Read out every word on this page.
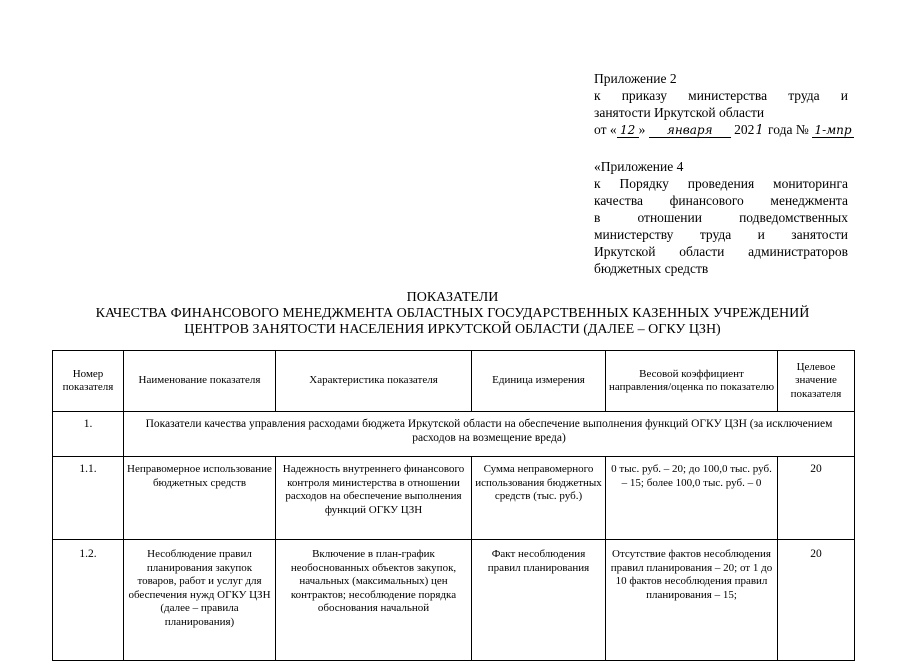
Приложение 2
к приказу министерства труда и
занятости Иркутской области
от « 12 » января 2021 года № 1-мпр
«Приложение 4
к Порядку проведения мониторинга
качества финансового менеджмента
в отношении подведомственных
министерству труда и занятости
Иркутской области администраторов
бюджетных средств
ПОКАЗАТЕЛИ
КАЧЕСТВА ФИНАНСОВОГО МЕНЕДЖМЕНТА ОБЛАСТНЫХ ГОСУДАРСТВЕННЫХ КАЗЕННЫХ УЧРЕЖДЕНИЙ
ЦЕНТРОВ ЗАНЯТОСТИ НАСЕЛЕНИЯ ИРКУТСКОЙ ОБЛАСТИ (ДАЛЕЕ – ОГКУ ЦЗН)
Номер показателя	Наименование показателя	Характеристика показателя	Единица измерения	Весовой коэффициент направления/оценка по показателю	Целевое значение показателя
1.	Показатели качества управления расходами бюджета Иркутской области на обеспечение выполнения функций ОГКУ ЦЗН (за исключением расходов на возмещение вреда)				
1.1.	Неправомерное использование бюджетных средств	Надежность внутреннего финансового контроля министерства в отношении расходов на обеспечение выполнения функций ОГКУ ЦЗН	Сумма неправомерного использования бюджетных средств (тыс. руб.)	0 тыс. руб. – 20; до 100,0 тыс. руб. – 15; более 100,0 тыс. руб. – 0	20
1.2.	Несоблюдение правил планирования закупок товаров, работ и услуг для обеспечения нужд ОГКУ ЦЗН (далее – правила планирования)	Включение в план-график необоснованных объектов закупок, начальных (максимальных) цен контрактов; несоблюдение порядка обоснования начальной	Факт несоблюдения правил планирования	Отсутствие фактов несоблюдения правил планирования – 20; от 1 до 10 фактов несоблюдения правил планирования – 15;	20
